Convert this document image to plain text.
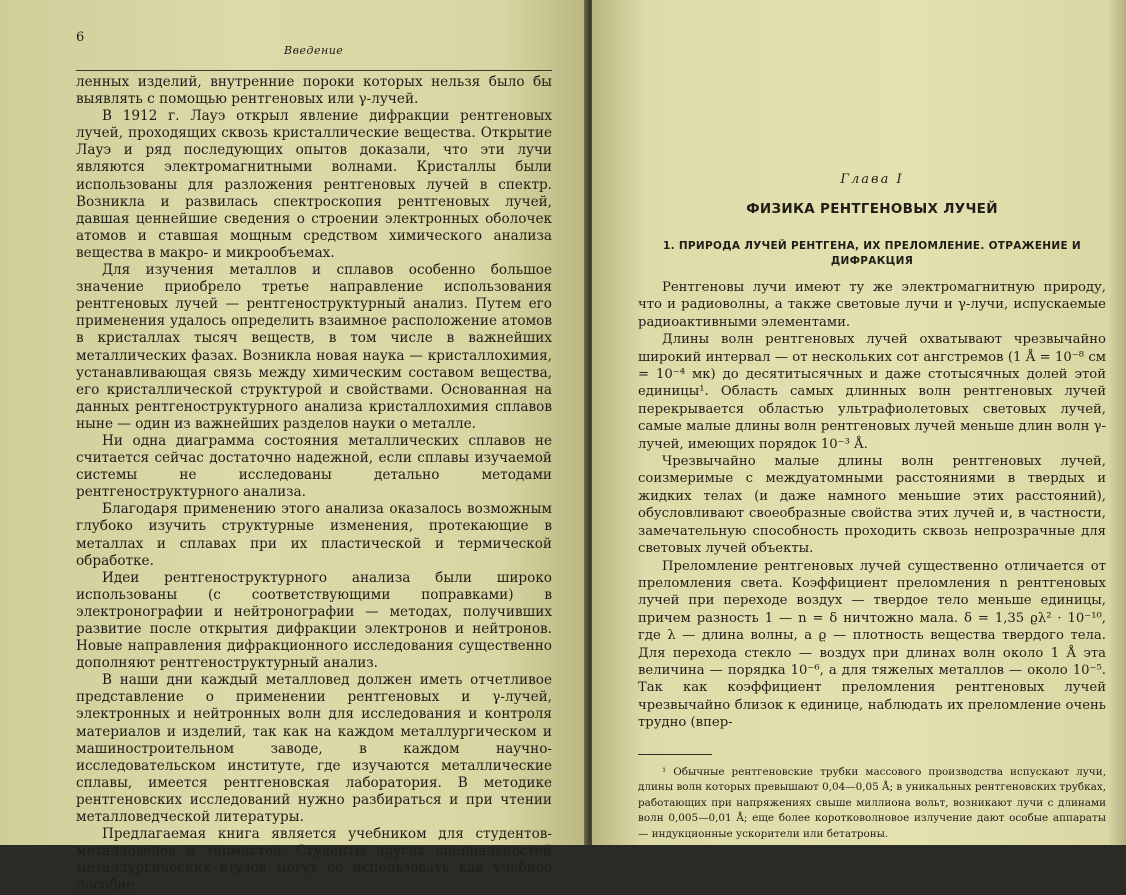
6
Введение

ленных изделий, внутренние пороки которых нельзя было бы выявлять с помощью рентгеновых или γ-лучей.

В 1912 г. Лауэ открыл явление дифракции рентгеновых лучей, проходящих сквозь кристаллические вещества. Открытие Лауэ и ряд последующих опытов доказали, что эти лучи являются электромагнитными волнами. Кристаллы были использованы для разложения рентгеновых лучей в спектр. Возникла и развилась спектроскопия рентгеновых лучей, давшая ценнейшие сведения о строении электронных оболочек атомов и ставшая мощным средством химического анализа вещества в макро- и микрообъемах.

Для изучения металлов и сплавов особенно большое значение приобрело третье направление использования рентгеновых лучей — рентгеноструктурный анализ. Путем его применения удалось определить взаимное расположение атомов в кристаллах тысяч веществ, в том числе в важнейших металлических фазах. Возникла новая наука — кристаллохимия, устанавливающая связь между химическим составом вещества, его кристаллической структурой и свойствами. Основанная на данных рентгеноструктурного анализа кристаллохимия сплавов ныне — один из важнейших разделов науки о металле.

Ни одна диаграмма состояния металлических сплавов не считается сейчас достаточно надежной, если сплавы изучаемой системы не исследованы детально методами рентгеноструктурного анализа.

Благодаря применению этого анализа оказалось возможным глубоко изучить структурные изменения, протекающие в металлах и сплавах при их пластической и термической обработке.

Идеи рентгеноструктурного анализа были широко использованы (с соответствующими поправками) в электронографии и нейтронографии — методах, получивших развитие после открытия дифракции электронов и нейтронов. Новые направления дифракционного исследования существенно дополняют рентгеноструктурный анализ.

В наши дни каждый металловед должен иметь отчетливое представление о применении рентгеновых и γ-лучей, электронных и нейтронных волн для исследования и контроля материалов и изделий, так как на каждом металлургическом и машиностроительном заводе, в каждом научно-исследовательском институте, где изучаются металлические сплавы, имеется рентгеновская лаборатория. В методике рентгеновских исследований нужно разбираться и при чтении металловедческой литературы.

Предлагаемая книга является учебником для студентов-металловедов и термистов. Студенты других специальностей металлургических втузов могут ее использовать как учебное пособие.

Глава I
ФИЗИКА РЕНТГЕНОВЫХ ЛУЧЕЙ
1. ПРИРОДА ЛУЧЕЙ РЕНТГЕНА, ИХ ПРЕЛОМЛЕНИЕ. ОТРАЖЕНИЕ И ДИФРАКЦИЯ

Рентгеновы лучи имеют ту же электромагнитную природу, что и радиоволны, а также световые лучи и γ-лучи, испускаемые радиоактивными элементами.

Длины волн рентгеновых лучей охватывают чрезвычайно широкий интервал — от нескольких сот ангстремов (1 Å = 10⁻⁸ см = 10⁻⁴ мк) до десятитысячных и даже стотысячных долей этой единицы¹. Область самых длинных волн рентгеновых лучей перекрывается областью ультрафиолетовых световых лучей, самые малые длины волн рентгеновых лучей меньше длин волн γ-лучей, имеющих порядок 10⁻³ Å.

Чрезвычайно малые длины волн рентгеновых лучей, соизмеримые с междуатомными расстояниями в твердых и жидких телах (и даже намного меньшие этих расстояний), обусловливают своеобразные свойства этих лучей и, в частности, замечательную способность проходить сквозь непрозрачные для световых лучей объекты.

Преломление рентгеновых лучей существенно отличается от преломления света. Коэффициент преломления n рентгеновых лучей при переходе воздух — твердое тело меньше единицы, причем разность 1 — n = δ ничтожно мала. δ = 1,35 ϱλ² · 10⁻¹⁰, где λ — длина волны, а ϱ — плотность вещества твердого тела. Для перехода стекло — воздух при длинах волн около 1 Å эта величина — порядка 10⁻⁶, а для тяжелых металлов — около 10⁻⁵. Так как коэффициент преломления рентгеновых лучей чрезвычайно близок к единице, наблюдать их преломление очень трудно (впер-

¹ Обычные рентгеновские трубки массового производства испускают лучи, длины волн которых превышают 0,04—0,05 Å; в уникальных рентгеновских трубках, работающих при напряжениях свыше миллиона вольт, возникают лучи с длинами волн 0,005—0,01 Å; еще более коротковолновое излучение дают особые аппараты — индукционные ускорители или бетатроны.
